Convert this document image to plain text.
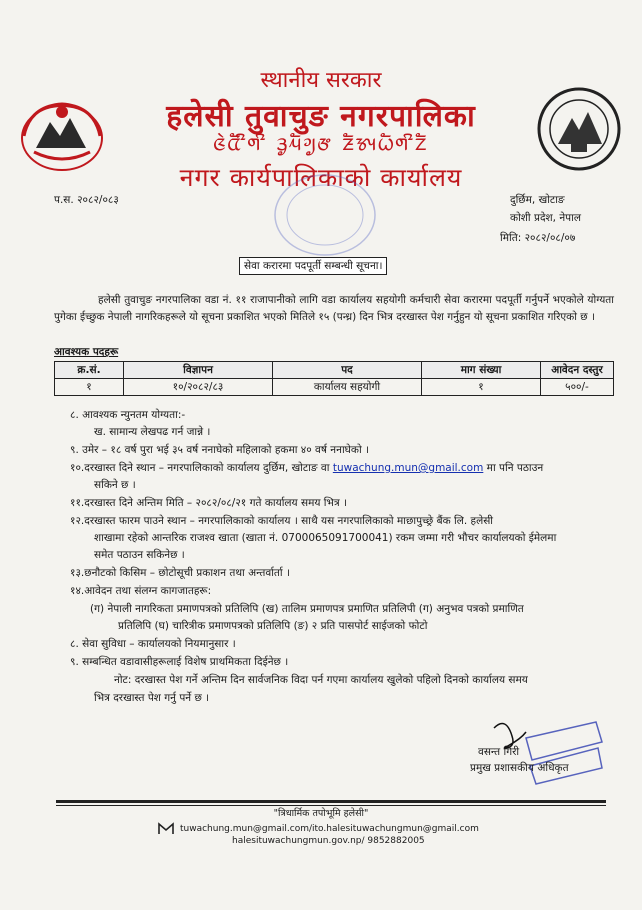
स्थानीय सरकार
हलेसी तुवाचुङ नगरपालिका
ᤜᤧᤂᤠᤡᤛᤡ ᤋᤢᤘᤠᤆᤢᤅ ᤏᤠᤃᤵᤐᤠᤛᤡᤁᤠ
नगर कार्यपालिकाको कार्यालय
प.स. २०८२/०८३	दुर्छिम, खोटाङ
कोशी प्रदेश, नेपाल
मिति: २०८२/०८/०७
सेवा करारमा पदपूर्ती सम्बन्धी सूचना।
हलेसी तुवाचुङ नगरपालिका वडा नं. ११ राजापानीको लागि वडा कार्यालय सहयोगी कर्मचारी सेवा करारमा पदपूर्ती गर्नुपर्ने भएकोले योग्यता पुगेका ईच्छुक नेपाली नागरिकहरूले यो सूचना प्रकाशित भएको मितिले १५ (पन्ध्र) दिन भित्र दरखास्त पेश गर्नुहुन यो सूचना प्रकाशित गरिएको छ ।
आवश्यक पदहरू
क्र.सं.	विज्ञापन	पद	माग संख्या	आवेदन दस्तुर
१	१०/२०८२/८३	कार्यालय सहयोगी	१	५००/-
८. आवश्यक न्युनतम योग्यता:-
ख. सामान्य लेखपढ गर्न जान्ने ।
९. उमेर – १८ वर्ष पुरा भई ३५ वर्ष ननाघेको महिलाको हकमा ४० वर्ष ननाघेको ।
१०.दरखास्त दिने स्थान – नगरपालिकाको कार्यालय दुर्छिम, खोटाङ वा tuwachung.mun@gmail.com मा पनि पठाउन
सकिने छ ।
११.दरखास्त दिने अन्तिम मिति – २०८२/०८/२१ गते कार्यालय समय भित्र ।
१२.दरखास्त फारम पाउने स्थान – नगरपालिकाको कार्यालय । साथै यस नगरपालिकाको माछापुच्छ्रे बैंक लि. हलेसी
शाखामा रहेको आन्तरिक राजश्व खाता (खाता नं. 0700065091700041) रकम जम्मा गरी भौचर कार्यालयको ईमेलमा
समेत पठाउन सकिनेछ ।
१३.छनौटको किसिम – छोटोसूची प्रकाशन तथा अन्तर्वार्ता ।
१४.आवेदन तथा संलग्न कागजातहरू:
(ग) नेपाली नागरिकता प्रमाणपत्रको प्रतिलिपि (ख) तालिम प्रमाणपत्र प्रमाणित प्रतिलिपी (ग) अनुभव पत्रको प्रमाणित
प्रतिलिपि (घ) चारित्रीक प्रमाणपत्रको प्रतिलिपि (ङ) २ प्रति पासपोर्ट साईजको फोटो
८. सेवा सुविधा – कार्यालयको नियमानुसार ।
९. सम्बन्धित वडावासीहरूलाई विशेष प्राथमिकता दिईनेछ ।
नोट: दरखास्त पेश गर्ने अन्तिम दिन सार्वजनिक विदा पर्न गएमा कार्यालय खुलेको पहिलो दिनको कार्यालय समय
भित्र दरखास्त पेश गर्नु पर्ने छ ।
वसन्त गिरी
प्रमुख प्रशासकीय अधिकृत
"त्रिधार्मिक तपोभूमि हलेसी"
tuwachung.mun@gmail.com/ito.halesituwachungmun@gmail.com
halesituwachungmun.gov.np/ 9852882005
